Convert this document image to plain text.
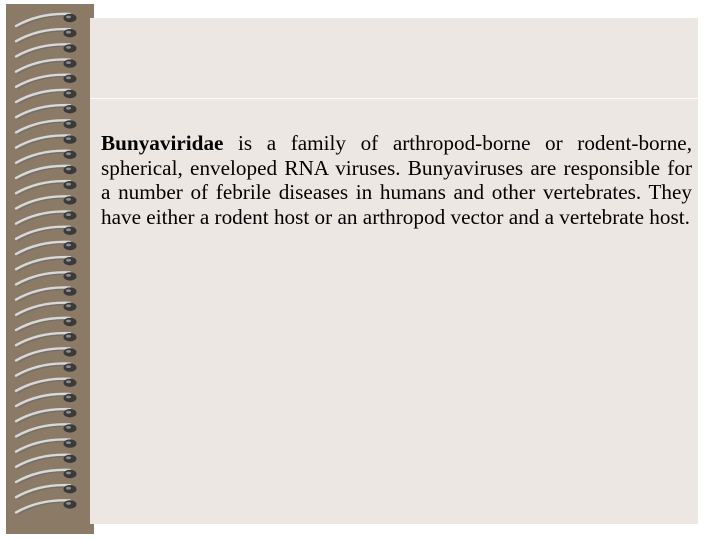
Bunyaviridae is a family of arthropod-borne or rodent-borne, spherical, enveloped RNA viruses. Bunyaviruses are responsible for a number of febrile diseases in humans and other vertebrates. They have either a rodent host or an arthropod vector and a vertebrate host.
